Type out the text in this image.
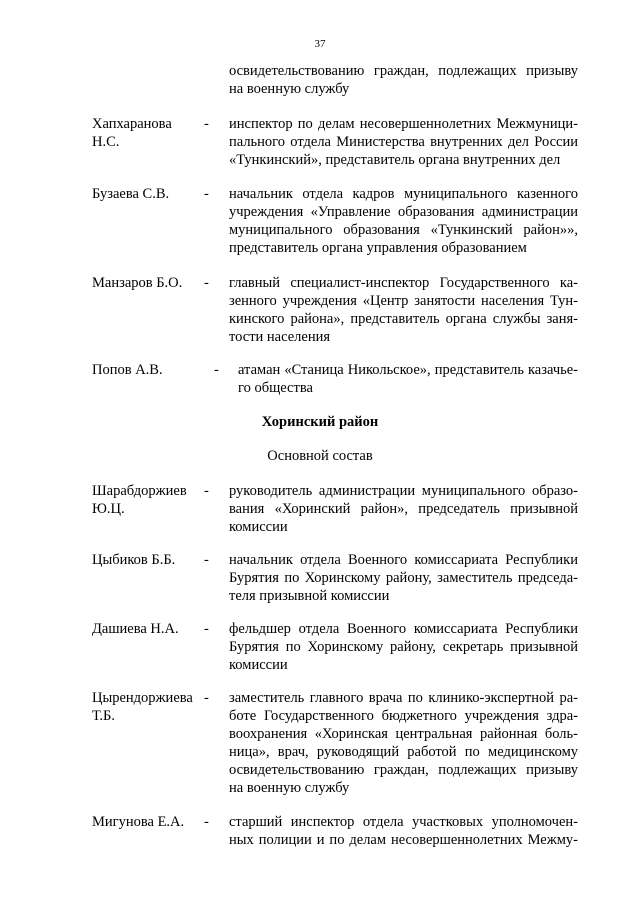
37
освидетельствованию граждан, подлежащих призыву
на военную службу
Хапхаранова
Н.С.
- инспектор по делам несовершеннолетних Межмуници-
пального отдела Министерства внутренних дел России
«Тункинский», представитель органа внутренних дел
Бузаева С.В. - начальник отдела кадров муниципального казенного
учреждения «Управление образования администрации
муниципального образования «Тункинский район»»,
представитель органа управления образованием
Манзаров Б.О. - главный специалист-инспектор Государственного ка-
зенного учреждения «Центр занятости населения Тун-
кинского района», представитель органа службы заня-
тости населения
Попов А.В.	- атаман «Станица Никольское», представитель казачье-
го общества
Хоринский район
Основной состав
Шарабдоржиев
Ю.Ц.
- руководитель администрации муниципального образо-
вания «Хоринский район», председатель призывной
комиссии
Цыбиков Б.Б. - начальник отдела Военного комиссариата Республики
Бурятия по Хоринскому району, заместитель председа-
теля призывной комиссии
Дашиева Н.А. - фельдшер отдела Военного комиссариата Республики
Бурятия по Хоринскому району, секретарь призывной
комиссии
Цырендоржиева
Т.Б.
- заместитель главного врача по клинико-экспертной ра-
боте Государственного бюджетного учреждения здра-
воохранения «Хоринская центральная районная боль-
ница», врач, руководящий работой по медицинскому
освидетельствованию граждан, подлежащих призыву
на военную службу
Мигунова Е.А. - старший инспектор отдела участковых уполномочен-
ных полиции и по делам несовершеннолетних Межму-
